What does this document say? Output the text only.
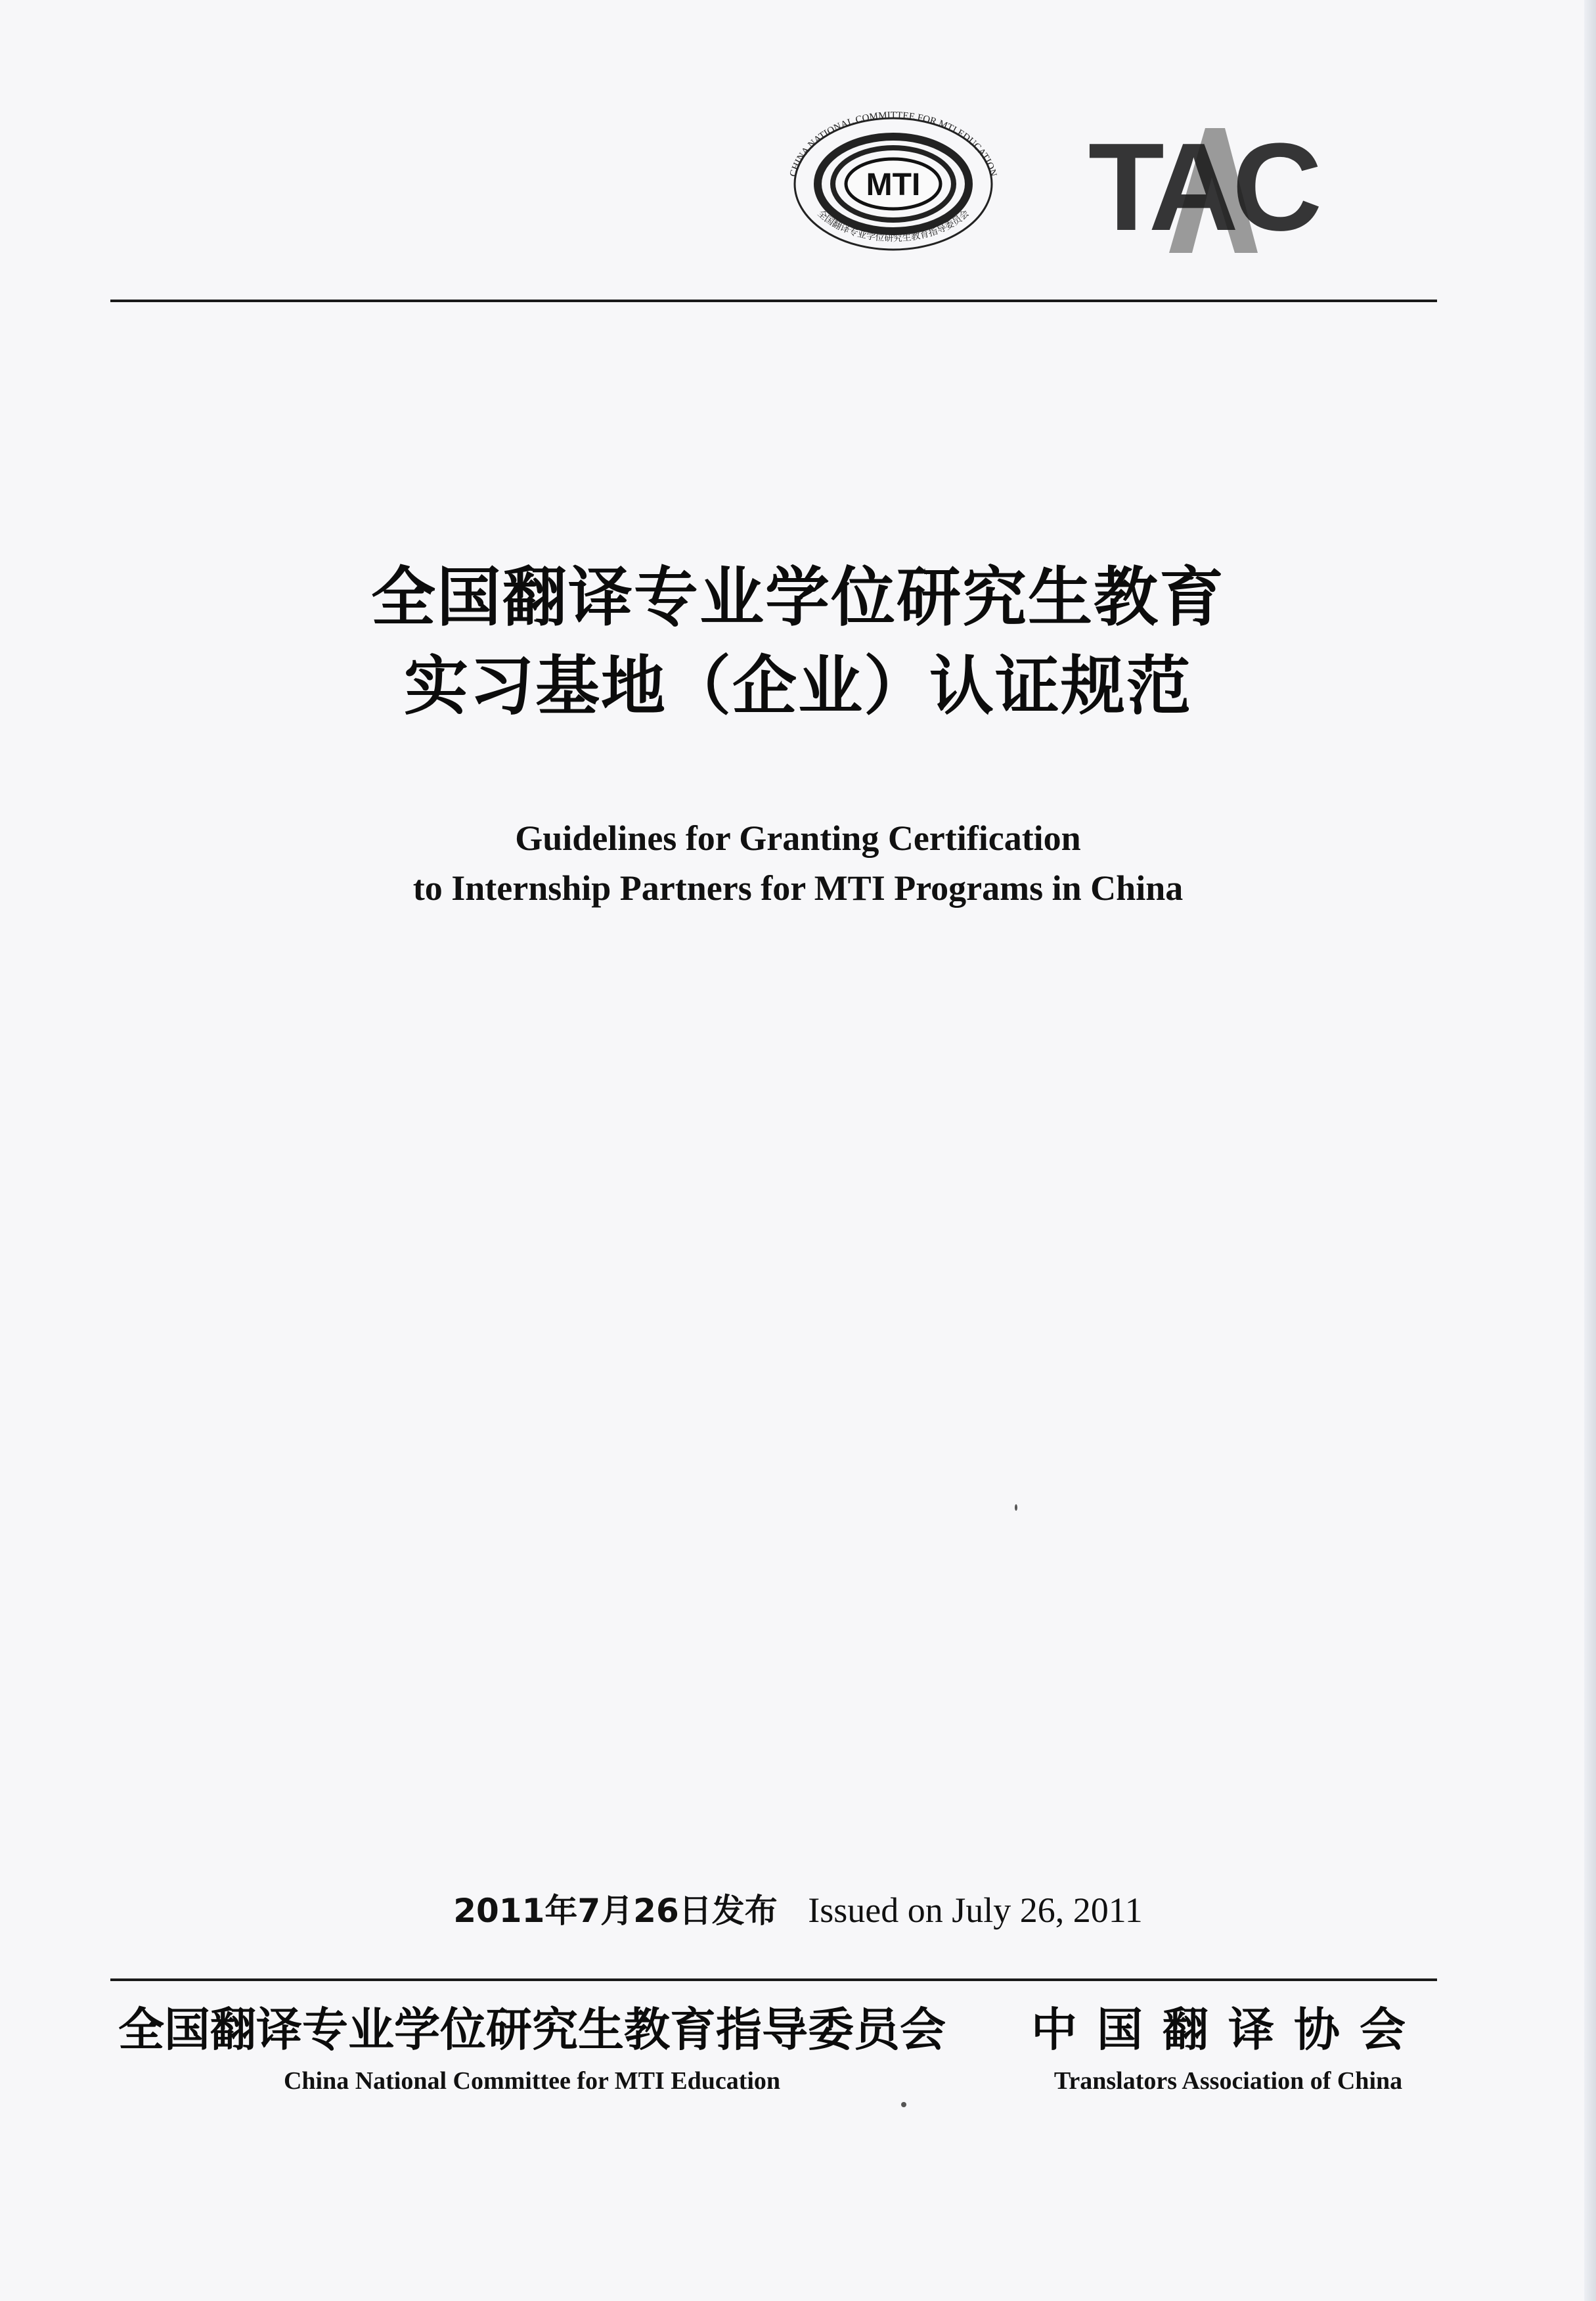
MTI
CHINA NATIONAL COMMITTEE FOR MTI EDUCATION
全国翻译专业学位研究生教育指导委员会 TAC
全国翻译专业学位研究生教育
实习基地（企业）认证规范
Guidelines for Granting Certification
to Internship Partners for MTI Programs in China
2011年7月26日发布 Issued on July 26, 2011
全国翻译专业学位研究生教育指导委员会
China National Committee for MTI Education
中国翻译协会
Translators Association of China
